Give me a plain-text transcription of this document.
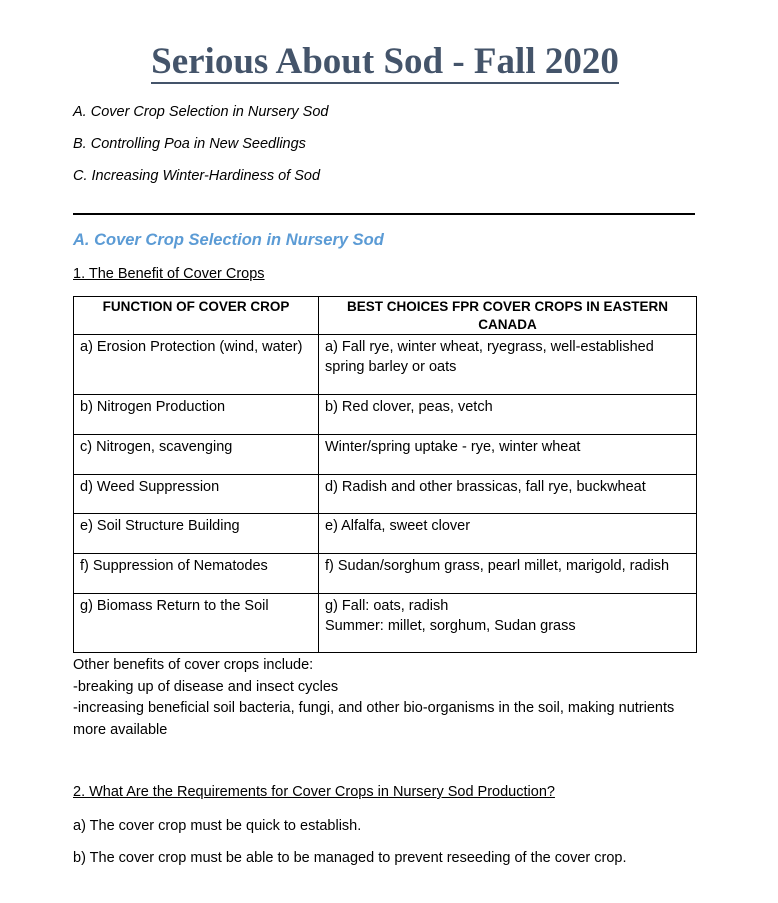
Serious About Sod - Fall 2020
A. Cover Crop Selection in Nursery Sod
B. Controlling Poa in New Seedlings
C. Increasing Winter-Hardiness of Sod
A. Cover Crop Selection in Nursery Sod
1. The Benefit of Cover Crops
FUNCTION OF COVER CROP	BEST CHOICES FPR COVER CROPS IN EASTERN CANADA
a) Erosion Protection (wind, water)	a) Fall rye, winter wheat, ryegrass, well-established spring barley or oats
b) Nitrogen Production	b) Red clover, peas, vetch
c) Nitrogen, scavenging	Winter/spring uptake - rye, winter wheat
d) Weed Suppression	d) Radish and other brassicas, fall rye, buckwheat
e) Soil Structure Building	e) Alfalfa, sweet clover
f) Suppression of Nematodes	f) Sudan/sorghum grass, pearl millet, marigold, radish
g) Biomass Return to the Soil	g) Fall: oats, radish
Summer: millet, sorghum, Sudan grass
Other benefits of cover crops include:
-breaking up of disease and insect cycles
-increasing beneficial soil bacteria, fungi, and other bio-organisms in the soil, making nutrients more available
2. What Are the Requirements for Cover Crops in Nursery Sod Production?
a) The cover crop must be quick to establish.
b) The cover crop must be able to be managed to prevent reseeding of the cover crop.
